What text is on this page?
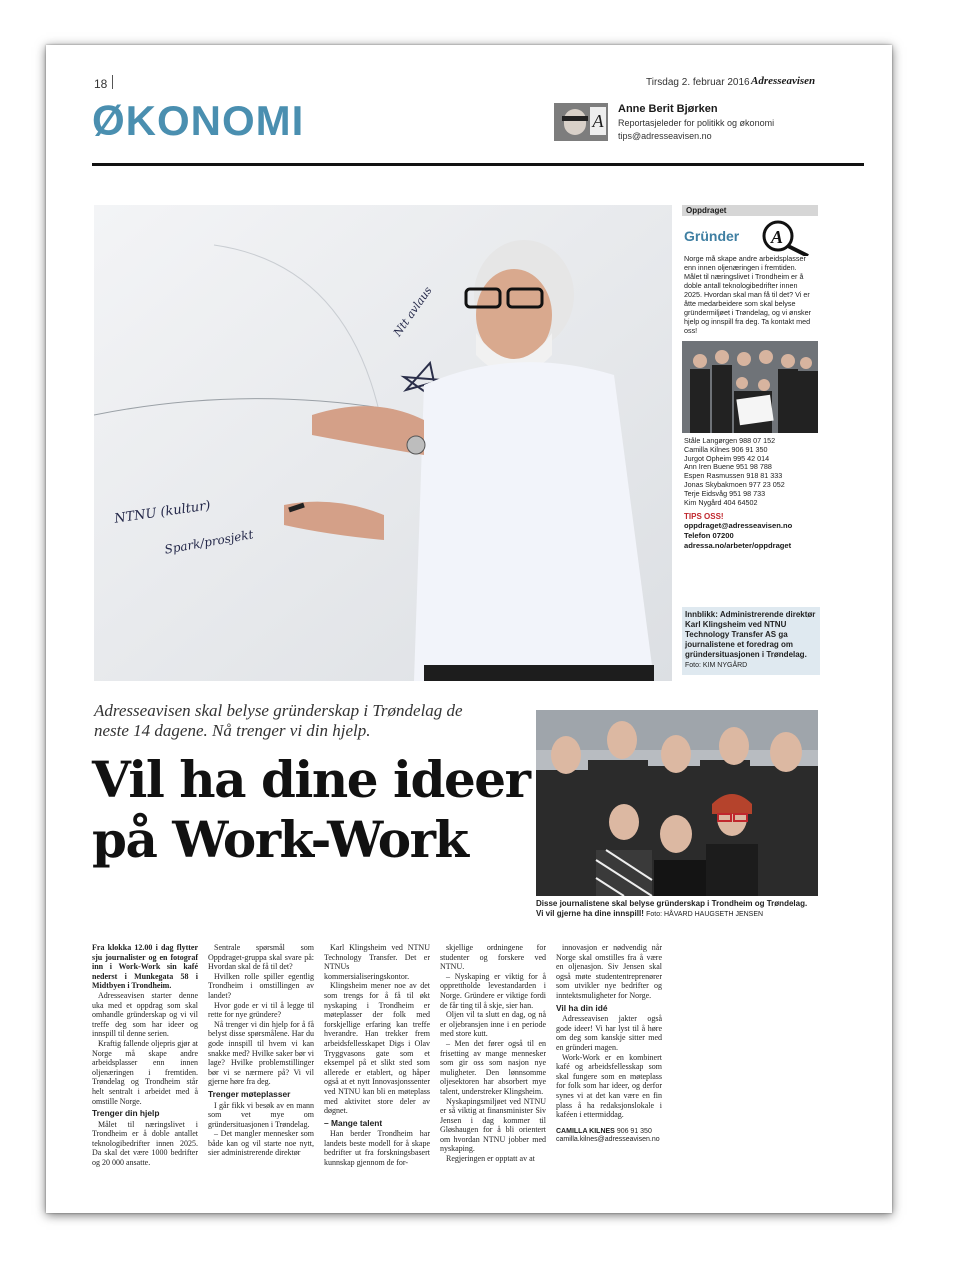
18	Tirsdag 2. februar 2016 Adresseavisen
ØKONOMI	A
Anne Berit Bjørken
Reportasjeleder for politikk og økonomi
tips@adresseavisen.no
NTNU (kultur)
Spark/prosjekt
Ntt avlaus
Oppdraget
Gründer A
Norge må skape andre arbeidsplasser enn innen oljenæringen i fremtiden. Målet til næringslivet i Trondheim er å doble antall teknologibedrifter innen 2025. Hvordan skal man få til det? Vi er åtte medarbeidere som skal belyse gründermiljøet i Trøndelag, og vi ønsker hjelp og innspill fra deg. Ta kontakt med oss!
Ståle Langørgen 988 07 152
Camilla Kilnes 906 91 350
Jurgot Opheim 995 42 014
Ann Iren Buene 951 98 788
Espen Rasmussen 918 81 333
Jonas Skybakmoen 977 23 052
Terje Eidsvåg 951 98 733
Kim Nygård 404 64502
TIPS OSS!
oppdraget@adresseavisen.no
Telefon 07200
adressa.no/arbeter/oppdraget
Innblikk: Administrerende direktør Karl Klingsheim ved NTNU Technology Transfer AS ga journalistene et foredrag om gründersituasjonen i Trøndelag. Foto: KIM NYGÅRD
Adresseavisen skal belyse gründerskap i Trøndelag de neste 14 dagene. Nå trenger vi din hjelp.
Vil ha dine ideer
på Work-Work
Disse journalistene skal belyse gründerskap i Trondheim og Trøndelag. Vi vil gjerne ha dine innspill! Foto: HÅVARD HAUGSETH JENSEN

Fra klokka 12.00 i dag flytter sju journalister og en fotograf inn i Work-Work sin kafé nederst i Munkegata 58 i Midtbyen i Trondheim.

Adresseavisen starter denne uka med et oppdrag som skal omhandle gründerskap og vi vil treffe deg som har ideer og innspill til denne serien.

Kraftig fallende oljepris gjør at Norge må skape andre arbeidsplasser enn innen oljenæringen i fremtiden. Trøndelag og Trondheim står helt sentralt i arbeidet med å omstille Norge.

Trenger din hjelp

Målet til næringslivet i Trondheim er å doble antallet teknologibedrifter innen 2025. Da skal det være 1000 bedrifter og 20 000 ansatte.

Sentrale spørsmål som Oppdraget-gruppa skal svare på: Hvordan skal de få til det?

Hvilken rolle spiller egentlig Trondheim i omstillingen av landet?

Hvor gode er vi til å legge til rette for nye gründere?

Nå trenger vi din hjelp for å få belyst disse spørsmålene. Har du gode innspill til hvem vi kan snakke med? Hvilke saker bør vi lage? Hvilke problemstillinger bør vi se nærmere på? Vi vil gjerne høre fra deg.

Trenger møteplasser

I går fikk vi besøk av en mann som vet mye om gründersituasjonen i Trøndelag.

– Det mangler mennesker som både kan og vil starte noe nytt, sier administrerende direktør

Karl Klingsheim ved NTNU Technology Transfer. Det er NTNUs kommersialiseringskontor.

Klingsheim mener noe av det som trengs for å få til økt nyskaping i Trondheim er møteplasser der folk med forskjellige erfaring kan treffe hverandre. Han trekker frem arbeidsfellesskapet Digs i Olav Tryggvasons gate som et eksempel på et slikt sted som allerede er etablert, og håper også at et nytt Innovasjonssenter ved NTNU kan bli en møteplass med aktivitet store deler av døgnet.

– Mange talent

Han berder Trondheim har landets beste modell for å skape bedrifter ut fra forskningsbasert kunnskap gjennom de for-

skjellige ordningene for studenter og forskere ved NTNU.

– Nyskaping er viktig for å opprettholde levestandarden i Norge. Gründere er viktige fordi de får ting til å skje, sier han.

Oljen vil ta slutt en dag, og nå er oljebransjen inne i en periode med store kutt.

– Men det fører også til en frisetting av mange mennesker som gir oss som nasjon nye muligheter. Den lønnsomme oljesektoren har absorbert mye talent, understreker Klingsheim.

Nyskapingsmiljøet ved NTNU er så viktig at finansminister Siv Jensen i dag kommer til Gløshaugen for å bli orientert om hvordan NTNU jobber med nyskaping.

Regjeringen er opptatt av at

innovasjon er nødvendig når Norge skal omstilles fra å være en oljenasjon. Siv Jensen skal også møte studententreprenører som utvikler nye bedrifter og inntektsmuligheter for Norge.

Vil ha din idé

Adresseavisen jakter også gode ideer! Vi har lyst til å høre om deg som kanskje sitter med en gründeri magen.

Work-Work er en kombinert kafé og arbeidsfellesskap som skal fungere som en møteplass for folk som har ideer, og derfor synes vi at det kan være en fin plass å ha redaksjonslokale i kaféen i ettermiddag.

CAMILLA KILNES 906 91 350
camilla.kilnes@adresseavisen.no
